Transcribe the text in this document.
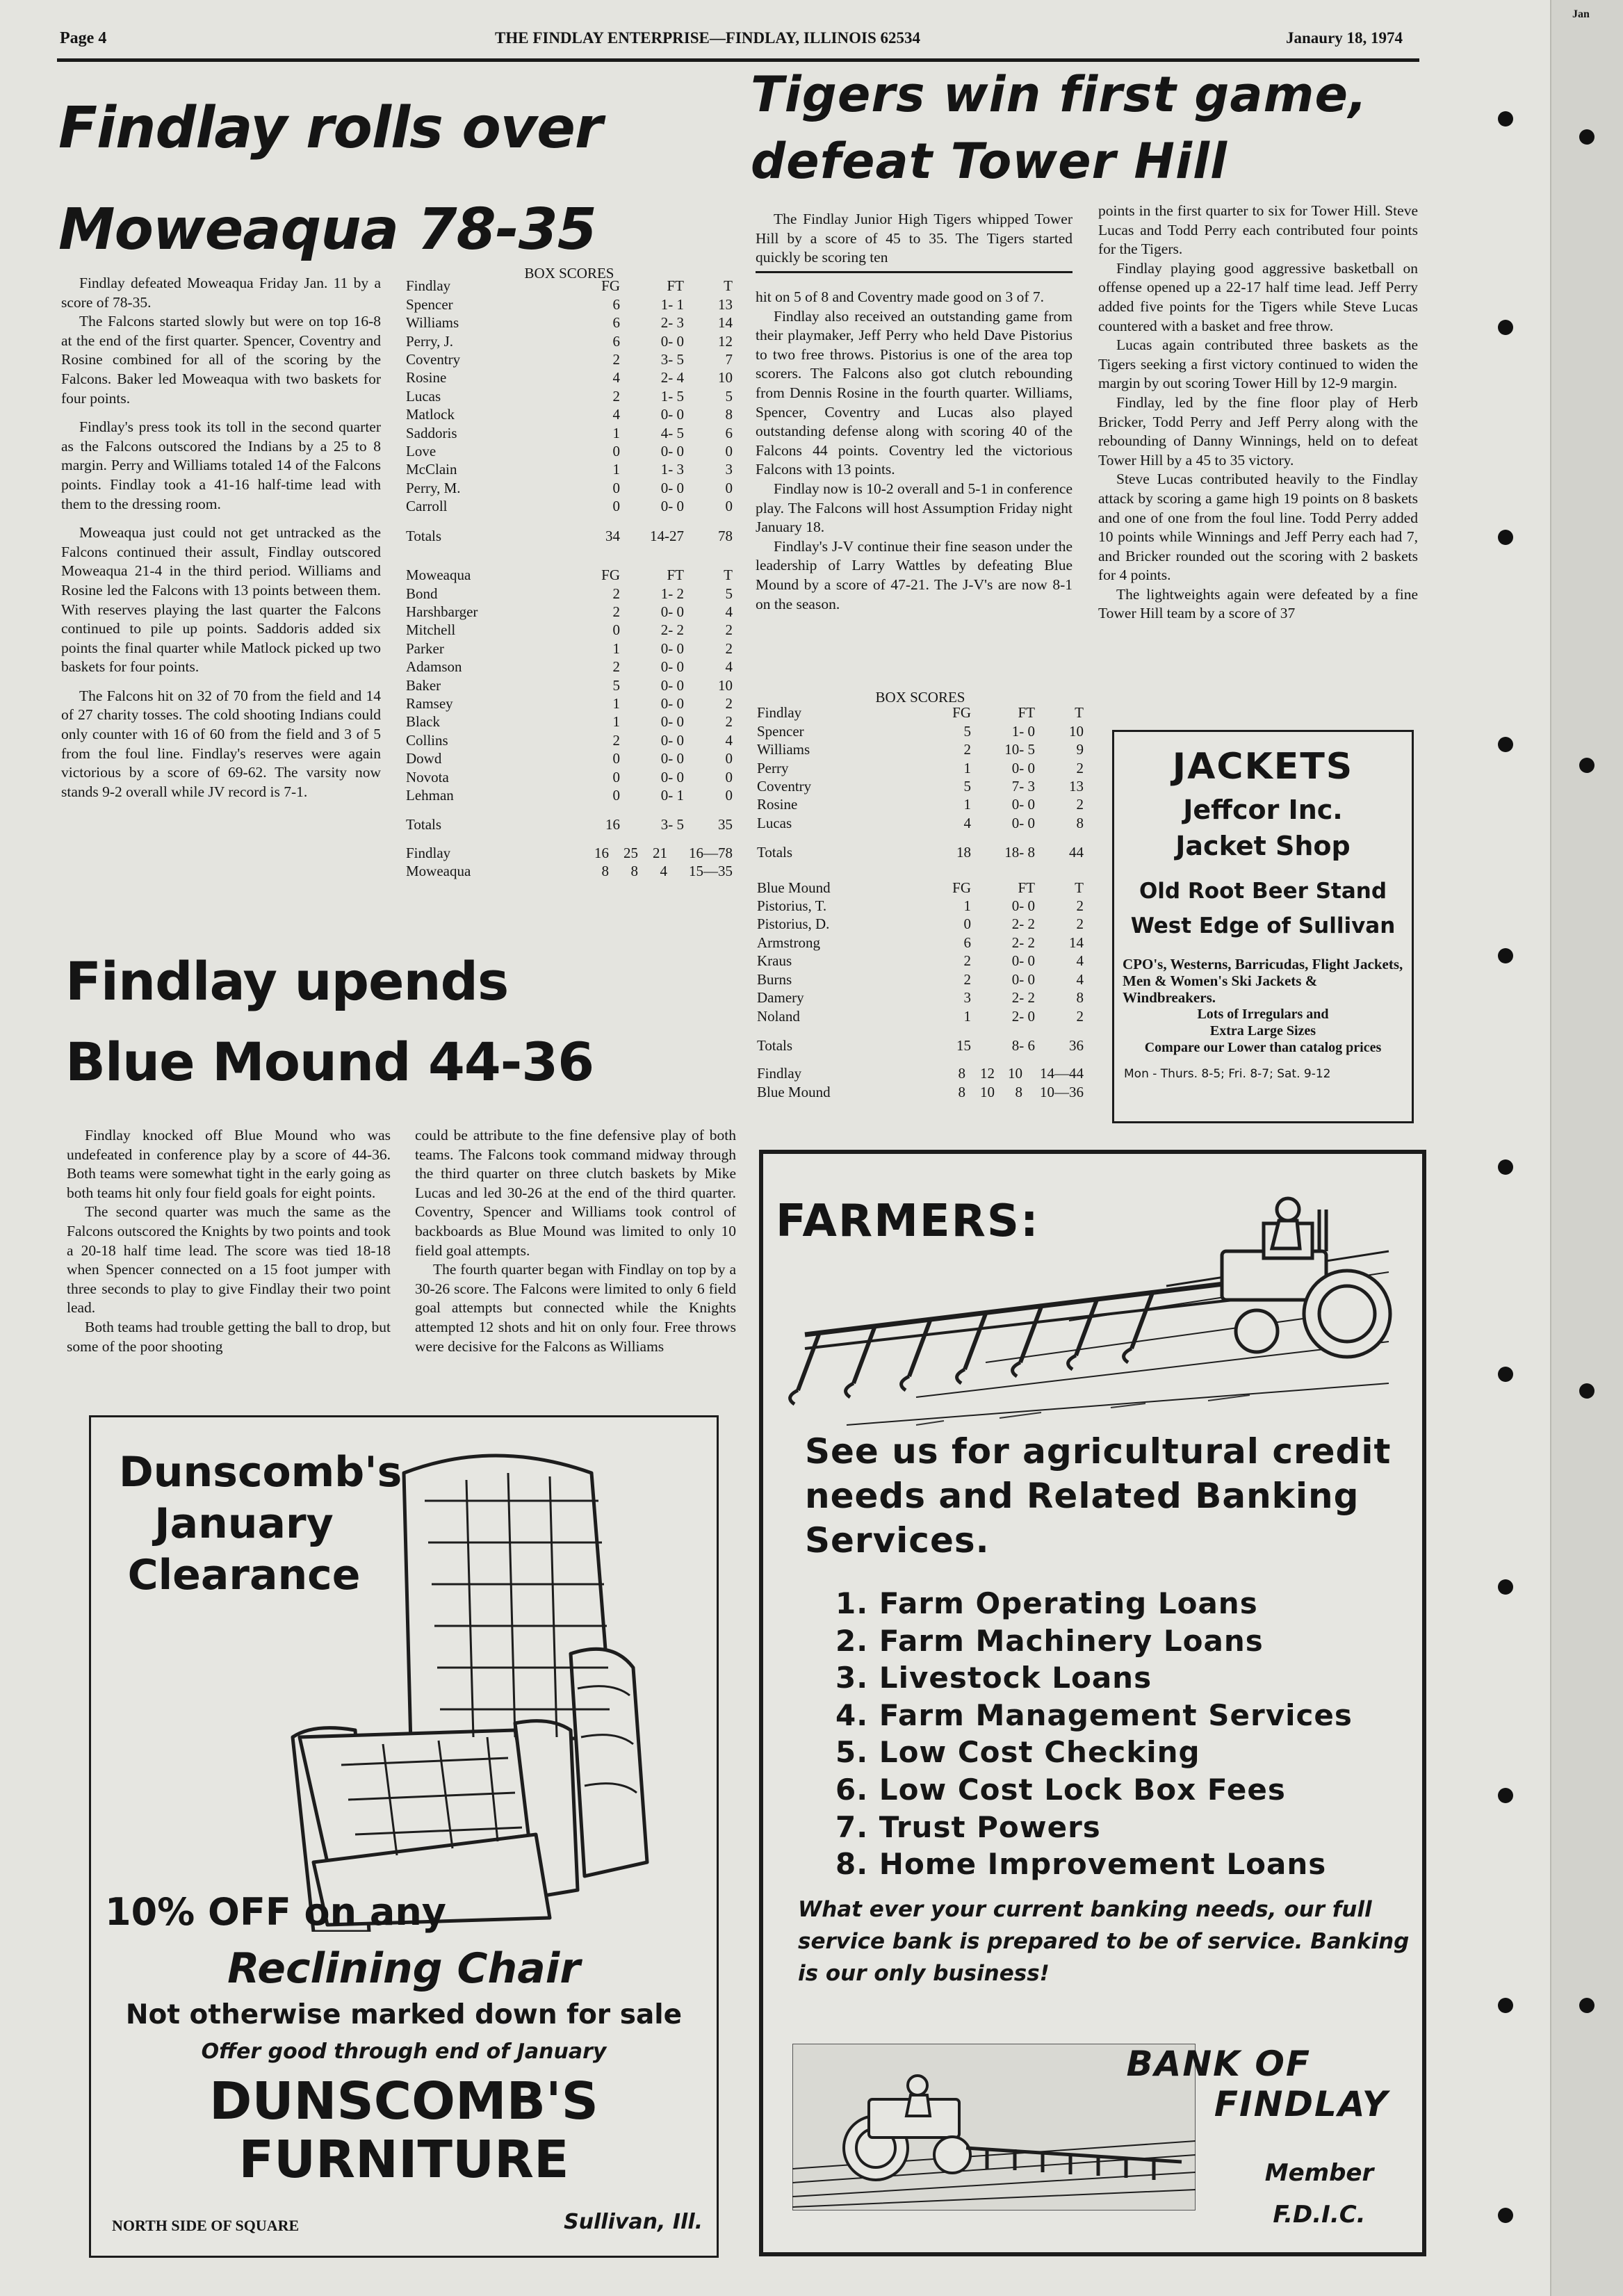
Page 4	THE FINDLAY ENTERPRISE—FINDLAY, ILLINOIS 62534	Janaury 18, 1974
Findlay rolls over
Moweaqua 78-35

Findlay defeated Moweaqua Friday Jan. 11 by a score of 78-35.

The Falcons started slowly but were on top 16-8 at the end of the first quarter. Spencer, Coventry and Rosine combined for all of the scoring by the Falcons. Baker led Moweaqua with two baskets for four points.

Findlay's press took its toll in the second quarter as the Falcons outscored the Indians by a 25 to 8 margin. Perry and Williams totaled 14 of the Falcons points. Findlay took a 41-16 half-time lead with them to the dressing room.

Moweaqua just could not get untracked as the Falcons continued their assult, Findlay outscored Moweaqua 21-4 in the third period. Williams and Rosine led the Falcons with 13 points between them. With reserves playing the last quarter the Falcons continued to pile up points. Saddoris added six points the final quarter while Matlock picked up two baskets for four points.

The Falcons hit on 32 of 70 from the field and 14 of 27 charity tosses. The cold shooting Indians could only counter with 16 of 60 from the field and 3 of 5 from the foul line. Findlay's reserves were again victorious by a score of 69-62. The varsity now stands 9-2 overall while JV record is 7-1.

BOX SCORES
Findlay	FG	FT	T
Spencer	6	1- 1	13
Williams	6	2- 3	14
Perry, J.	6	0- 0	12
Coventry	2	3- 5	7
Rosine	4	2- 4	10
Lucas	2	1- 5	5
Matlock	4	0- 0	8
Saddoris	1	4- 5	6
Love	0	0- 0	0
McClain	1	1- 3	3
Perry, M.	0	0- 0	0
Carroll	0	0- 0	0
Totals	34	14-27	78
Moweaqua	FG	FT	T
Bond	2	1- 2	5
Harshbarger	2	0- 0	4
Mitchell	0	2- 2	2
Parker	1	0- 0	2
Adamson	2	0- 0	4
Baker	5	0- 0	10
Ramsey	1	0- 0	2
Black	1	0- 0	2
Collins	2	0- 0	4
Dowd	0	0- 0	0
Novota	0	0- 0	0
Lehman	0	0- 1	0
Totals	16	3- 5	35
Findlay	16	25	21	16—78
Moweaqua	8	8	4	15—35
Findlay upends
Blue Mound 44-36

Findlay knocked off Blue Mound who was undefeated in conference play by a score of 44-36. Both teams were somewhat tight in the early going as both teams hit only four field goals for eight points.

The second quarter was much the same as the Falcons outscored the Knights by two points and took a 20-18 half time lead. The score was tied 18-18 when Spencer connected on a 15 foot jumper with three seconds to play to give Findlay their two point lead.

Both teams had trouble getting the ball to drop, but some of the poor shooting

could be attribute to the fine defensive play of both teams. The Falcons took command midway through the third quarter on three clutch baskets by Mike Lucas and led 30-26 at the end of the third quarter. Coventry, Spencer and Williams took control of backboards as Blue Mound was limited to only 10 field goal attempts.

The fourth quarter began with Findlay on top by a 30-26 score. The Falcons were limited to only 6 field goal attempts but connected while the Knights attempted 12 shots and hit on only four. Free throws were decisive for the Falcons as Williams

Tigers win first game,
defeat Tower Hill

The Findlay Junior High Tigers whipped Tower Hill by a score of 45 to 35. The Tigers started quickly be scoring ten

hit on 5 of 8 and Coventry made good on 3 of 7.

Findlay also received an outstanding game from their playmaker, Jeff Perry who held Dave Pistorius to two free throws. Pistorius is one of the area top scorers. The Falcons also got clutch rebounding from Dennis Rosine in the fourth quarter. Williams, Spencer, Coventry and Lucas also played outstanding defense along with scoring 40 of the Falcons 44 points. Coventry led the victorious Falcons with 13 points.

Findlay now is 10-2 overall and 5-1 in conference play. The Falcons will host Assumption Friday night January 18.

Findlay's J-V continue their fine season under the leadership of Larry Wattles by defeating Blue Mound by a score of 47-21. The J-V's are now 8-1 on the season.

BOX SCORES
Findlay	FG	FT	T
Spencer	5	1- 0	10
Williams	2	10- 5	9
Perry	1	0- 0	2
Coventry	5	7- 3	13
Rosine	1	0- 0	2
Lucas	4	0- 0	8
Totals	18	18- 8	44
Blue Mound	FG	FT	T
Pistorius, T.	1	0- 0	2
Pistorius, D.	0	2- 2	2
Armstrong	6	2- 2	14
Kraus	2	0- 0	4
Burns	2	0- 0	4
Damery	3	2- 2	8
Noland	1	2- 0	2
Totals	15	8- 6	36
Findlay	8	12	10	14—44
Blue Mound	8	10	8	10—36

points in the first quarter to six for Tower Hill. Steve Lucas and Todd Perry each contributed four points for the Tigers.

Findlay playing good aggressive basketball on offense opened up a 22-17 half time lead. Jeff Perry added five points for the Tigers while Steve Lucas countered with a basket and free throw.

Lucas again contributed three baskets as the Tigers seeking a first victory continued to widen the margin by out scoring Tower Hill by 12-9 margin.

Findlay, led by the fine floor play of Herb Bricker, Todd Perry and Jeff Perry along with the rebounding of Danny Winnings, held on to defeat Tower Hill by a 45 to 35 victory.

Steve Lucas contributed heavily to the Findlay attack by scoring a game high 19 points on 8 baskets and one of one from the foul line. Todd Perry added 10 points while Winnings and Jeff Perry each had 7, and Bricker rounded out the scoring with 2 baskets for 4 points.

The lightweights again were defeated by a fine Tower Hill team by a score of 37

JACKETS
Jeffcor Inc.
Jacket Shop
Old Root Beer Stand
West Edge of Sullivan
CPO's, Westerns, Barricudas, Flight Jackets, Men & Women's Ski Jackets & Windbreakers.
Lots of Irregulars and
Extra Large Sizes
Compare our Lower than catalog prices
Mon - Thurs. 8-5; Fri. 8-7; Sat. 9-12
FARMERS:
See us for agricultural credit needs and Related Banking Services.
1. Farm Operating Loans
2. Farm Machinery Loans
3. Livestock Loans
4. Farm Management Services
5. Low Cost Checking
6. Low Cost Lock Box Fees
7. Trust Powers
8. Home Improvement Loans
What ever your current banking needs, our full service bank is prepared to be of service. Banking is our only business!
BANK OF
FINDLAY
Member
F.D.I.C.
Dunscomb's
January
Clearance
10% OFF on any
Reclining Chair
Not otherwise marked down for sale
Offer good through end of January
DUNSCOMB'S
FURNITURE
NORTH SIDE OF SQUARE	Sullivan, Ill.
Jan
